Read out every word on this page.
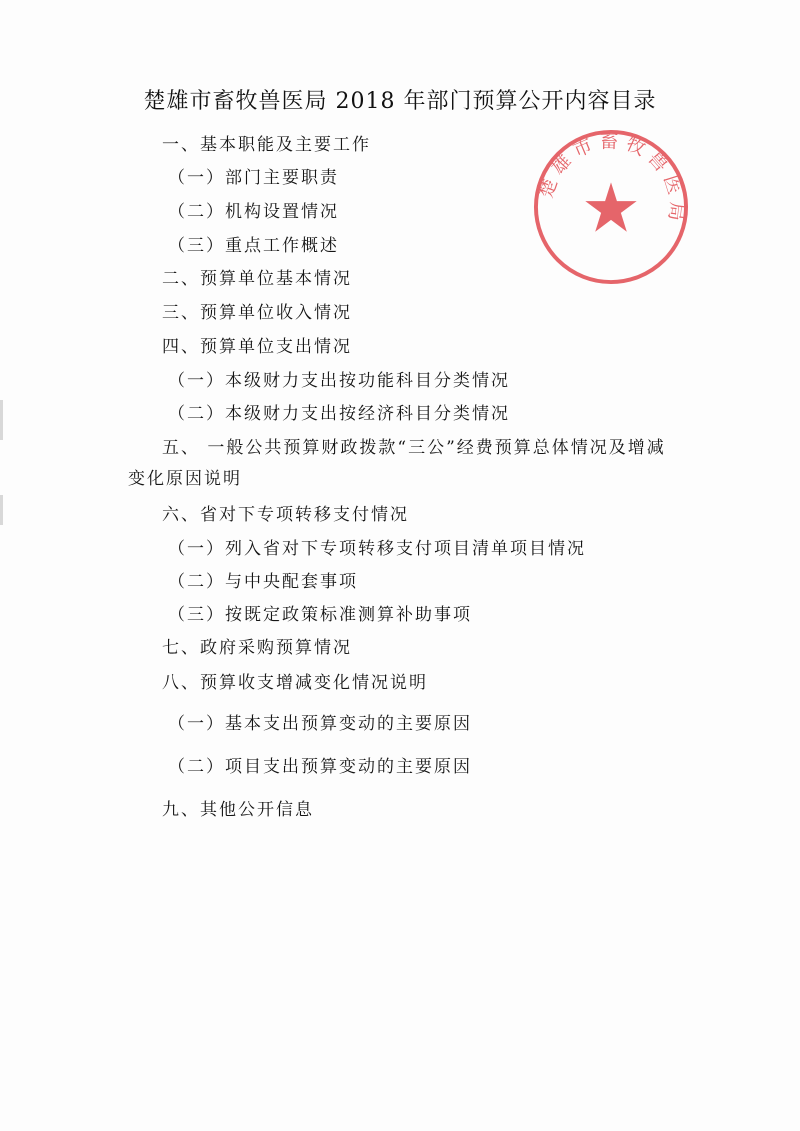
楚雄市畜牧兽医局 2018 年部门预算公开内容目录
一、基本职能及主要工作
（一）部门主要职责
（二）机构设置情况
（三）重点工作概述
二、预算单位基本情况
三、预算单位收入情况
四、预算单位支出情况
（一）本级财力支出按功能科目分类情况
（二）本级财力支出按经济科目分类情况
五、 一般公共预算财政拨款“三公”经费预算总体情况及增减
变化原因说明
六、省对下专项转移支付情况
（一）列入省对下专项转移支付项目清单项目情况
（二）与中央配套事项
（三）按既定政策标准测算补助事项
七、政府采购预算情况
八、预算收支增减变化情况说明
（一）基本支出预算变动的主要原因
（二）项目支出预算变动的主要原因
九、其他公开信息
楚雄市畜牧兽医局
